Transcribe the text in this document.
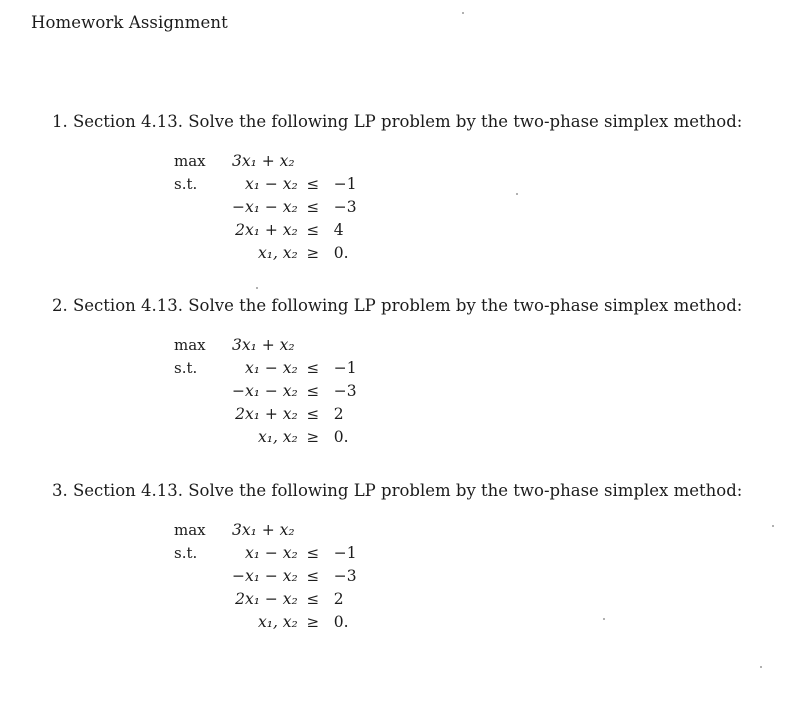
Homework Assignment
1. Section 4.13. Solve the following LP problem by the two-phase simplex method:
max	3x₁ + x₂		
s.t.	x₁ − x₂	≤	−1
	−x₁ − x₂	≤	−3
	2x₁ + x₂	≤	4
	x₁, x₂	≥	0.
2. Section 4.13. Solve the following LP problem by the two-phase simplex method:
max	3x₁ + x₂		
s.t.	x₁ − x₂	≤	−1
	−x₁ − x₂	≤	−3
	2x₁ + x₂	≤	2
	x₁, x₂	≥	0.
3. Section 4.13. Solve the following LP problem by the two-phase simplex method:
max	3x₁ + x₂		
s.t.	x₁ − x₂	≤	−1
	−x₁ − x₂	≤	−3
	2x₁ − x₂	≤	2
	x₁, x₂	≥	0.
